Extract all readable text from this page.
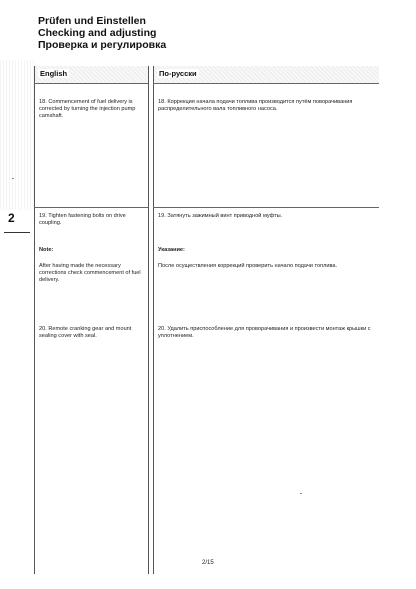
Prüfen und Einstellen
Checking and adjusting
Проверка и регулировка
2
English	По-русски
18. Commencement of fuel delivery is corrected by turning the injection pump camshaft.
18. Коррекция начала подачи топлива производится путём поворачивания распределительного вала топливного насоса.
19. Tighten fastening bolts on drive coupling.
19. Затянуть зажимный винт приводной муфты.
Note:	Указание:
After having made the necessary corrections check commencement of fuel delivery.
После осуществления коррекций проверить начало подачи топлива.
20. Remote cranking gear and mount sealing cover with seal.
20. Удалить приспособление для проворачивания и произвести монтаж крышки с уплотнением.
2/15
